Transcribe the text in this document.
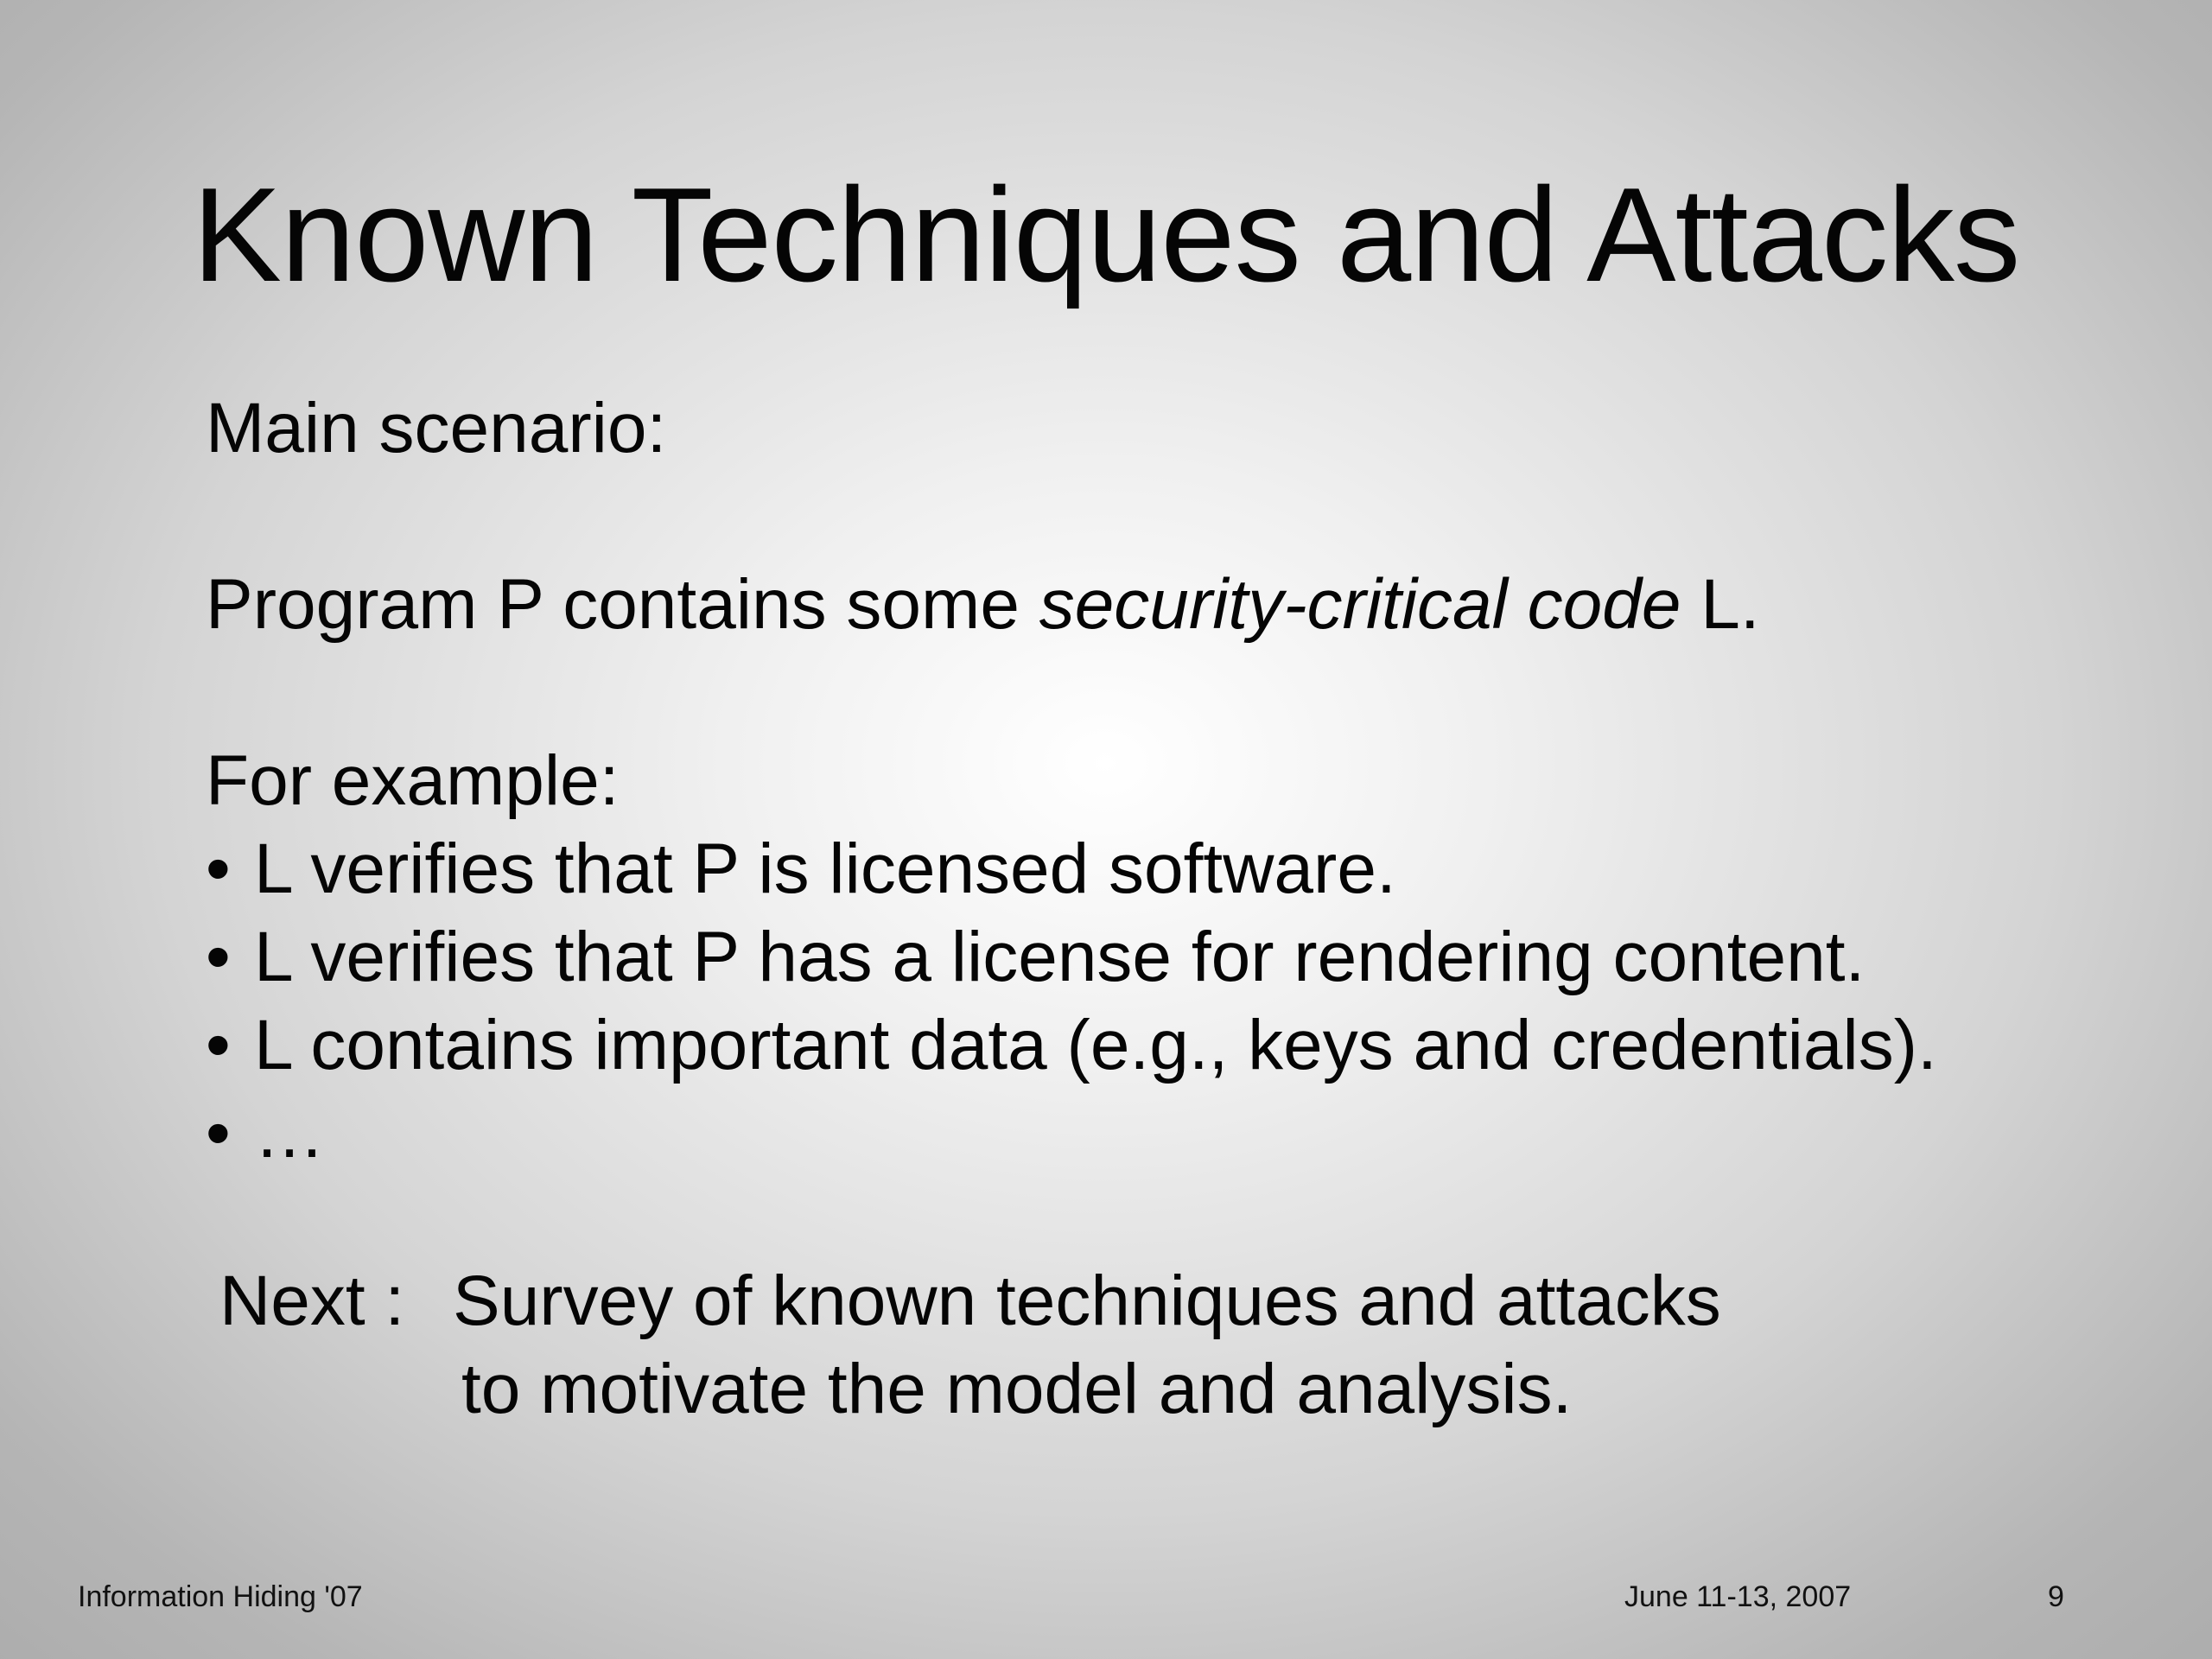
Known Techniques and Attacks
Main scenario:
Program P contains some security-critical code L.
For example:
• L verifies that P is licensed software.
• L verifies that P has a license for rendering content.
• L contains important data (e.g., keys and credentials).
• …
Next : Survey of known techniques and attacks
to motivate the model and analysis.
Information Hiding '07	June 11-13, 2007	9
